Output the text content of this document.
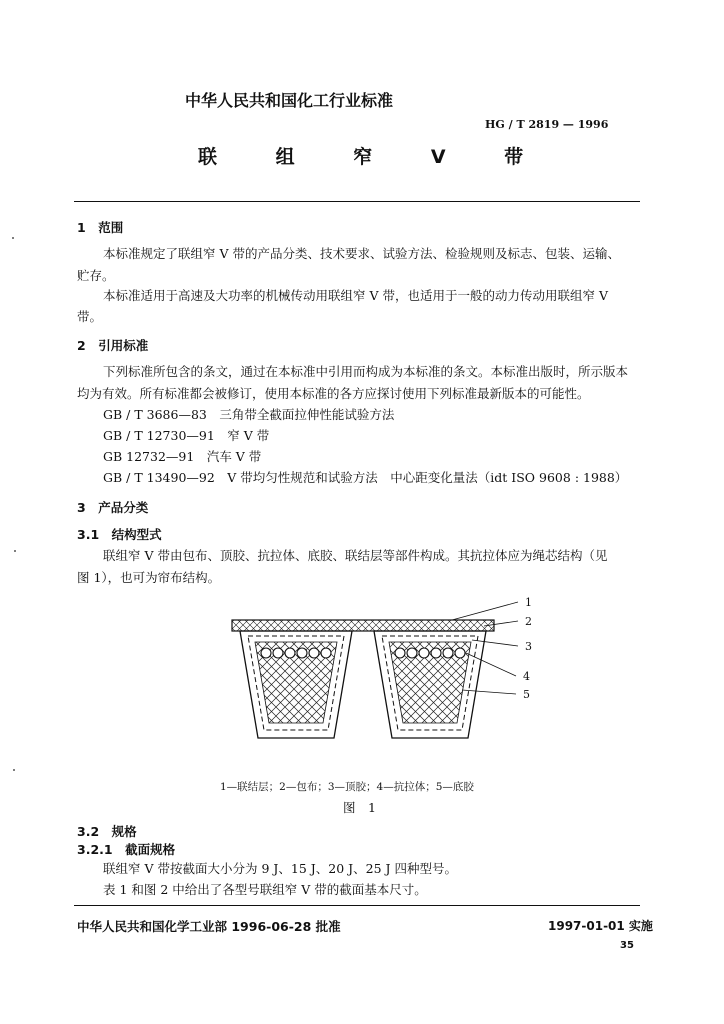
中华人民共和国化工行业标准
HG / T 2819 — 1996
联 组 窄 V 带
1　范围
本标准规定了联组窄 V 带的产品分类、技术要求、试验方法、检验规则及标志、包装、运输、
贮存。
本标准适用于高速及大功率的机械传动用联组窄 V 带，也适用于一般的动力传动用联组窄 V
带。
2　引用标准
下列标准所包含的条文，通过在本标准中引用而构成为本标准的条文。本标准出版时，所示版本
均为有效。所有标准都会被修订，使用本标准的各方应探讨使用下列标准最新版本的可能性。
GB / T 3686—83　三角带全截面拉伸性能试验方法
GB / T 12730—91　窄 V 带
GB 12732—91　汽车 V 带
GB / T 13490—92　V 带均匀性规范和试验方法　中心距变化量法（idt ISO 9608 : 1988）
3　产品分类
3.1　结构型式
联组窄 V 带由包布、顶胶、抗拉体、底胶、联结层等部件构成。其抗拉体应为绳芯结构（见
图 1），也可为帘布结构。
1
2
3
4
5
1—联结层；2—包布；3—顶胶；4—抗拉体；5—底胶
图　1
3.2　规格
3.2.1　截面规格
联组窄 V 带按截面大小分为 9 J、15 J、20 J、25 J 四种型号。
表 1 和图 2 中给出了各型号联组窄 V 带的截面基本尺寸。
中华人民共和国化学工业部 1996-06-28 批准	1997-01-01 实施
35
